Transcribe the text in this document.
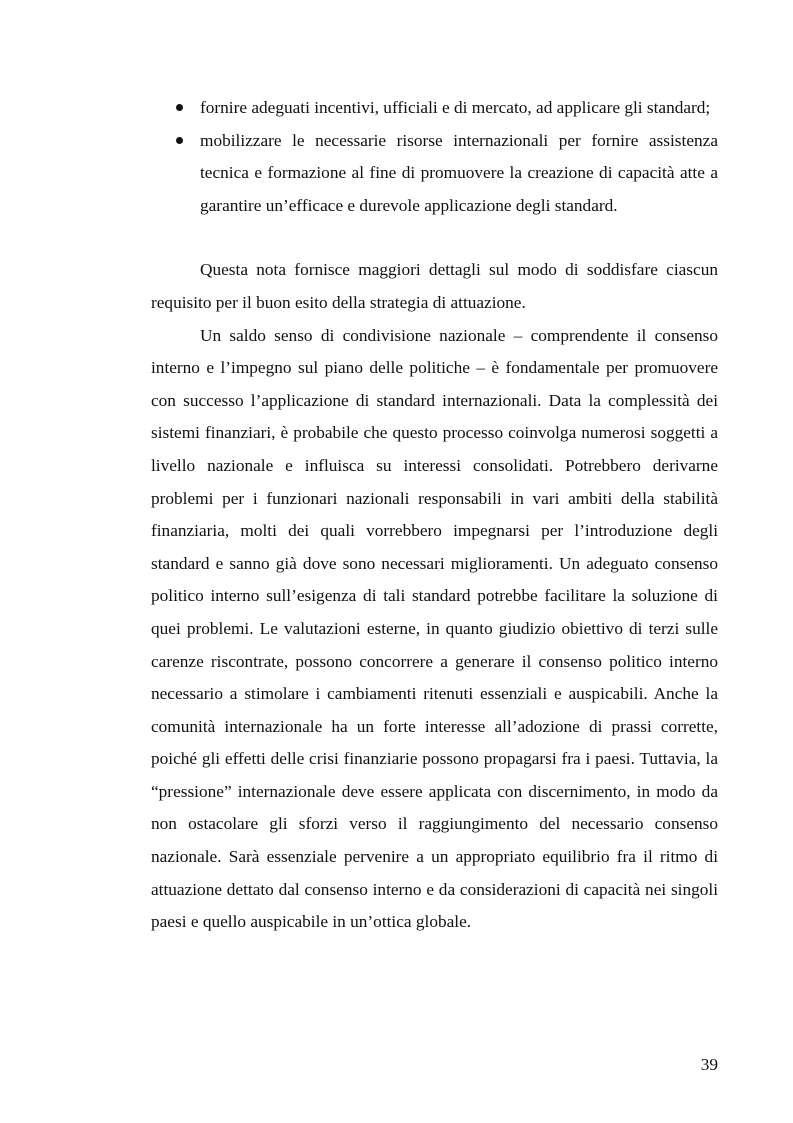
fornire adeguati incentivi, ufficiali e di mercato, ad applicare gli standard;
mobilizzare le necessarie risorse internazionali per fornire assistenza tecnica e formazione al fine di promuovere la creazione di capacità atte a garantire un’efficace e durevole applicazione degli standard.

Questa nota fornisce maggiori dettagli sul modo di soddisfare ciascun requisito per il buon esito della strategia di attuazione.

Un saldo senso di condivisione nazionale – comprendente il consenso interno e l’impegno sul piano delle politiche – è fondamentale per promuovere con successo l’applicazione di standard internazionali. Data la complessità dei sistemi finanziari, è probabile che questo processo coinvolga numerosi soggetti a livello nazionale e influisca su interessi consolidati. Potrebbero derivarne problemi per i funzionari nazionali responsabili in vari ambiti della stabilità finanziaria, molti dei quali vorrebbero impegnarsi per l’introduzione degli standard e sanno già dove sono necessari miglioramenti. Un adeguato consenso politico interno sull’esigenza di tali standard potrebbe facilitare la soluzione di quei problemi. Le valutazioni esterne, in quanto giudizio obiettivo di terzi sulle carenze riscontrate, possono concorrere a generare il consenso politico interno necessario a stimolare i cambiamenti ritenuti essenziali e auspicabili. Anche la comunità internazionale ha un forte interesse all’adozione di prassi corrette, poiché gli effetti delle crisi finanziarie possono propagarsi fra i paesi. Tuttavia, la “pressione” internazionale deve essere applicata con discernimento, in modo da non ostacolare gli sforzi verso il raggiungimento del necessario consenso nazionale. Sarà essenziale pervenire a un appropriato equilibrio fra il ritmo di attuazione dettato dal consenso interno e da considerazioni di capacità nei singoli paesi e quello auspicabile in un’ottica globale.

39
